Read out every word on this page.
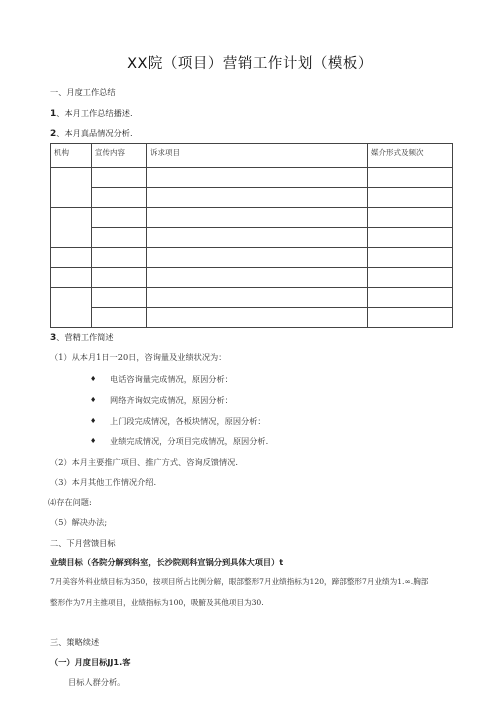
XX院（项目）营销工作计划（模板）
一、月度工作总结
1、本月工作总结播述.
2、本月真品情况分析.
机构	宣传内容	诉求项目	媒介形式及频次

3、营精工作简述
（1）从本月1日一20日，咨询量及业绩状况为：
♦ 电话咨询量完成情况，原因分析：
♦ 网络齐询奴完成情况，原因分析：
♦ 上门段完成情况，各板块情况，原因分析：
♦ 业绩完成情况，分项目完成情况，原因分析.
（2）本月主要推广项目、推广方式、咨询反馈情况.
（3）本月其他工作情况介绍.
⑷存在问题:
（5）解决办法;
二、下月营馈目标
业绩目标（各院分解到科室，长沙院则科宣锅分到具体大项目）t
7月美容外科业绩目标为350，按项目所占比例分解，眼部整形7月业绩指标为120，蹄部整形7月业绩为1.∞.胸部
整形作为7月主推项目，业绩指标为100，吸腑及其他项目为30.
三、策略续述
（一）月度目标JJ1.客
目标人群分析。
